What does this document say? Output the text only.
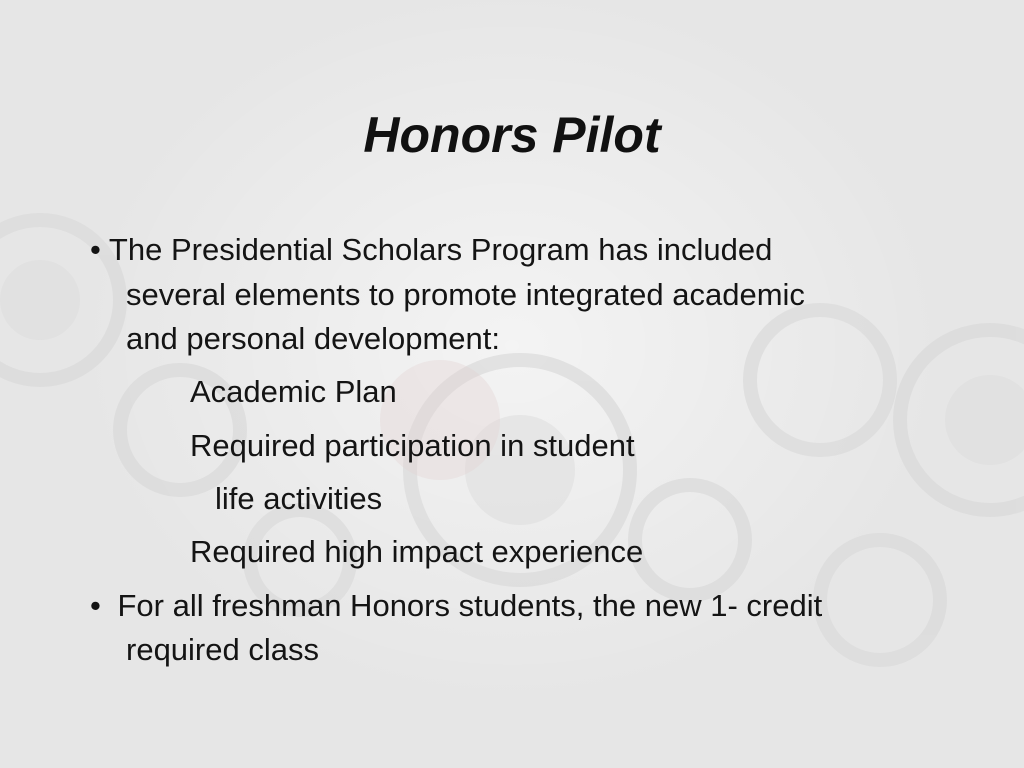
Honors Pilot
• The Presidential Scholars Program has included
several elements to promote integrated academic
and personal development:
Academic Plan
Required participation in student
life activities
Required high impact experience
• For all freshman Honors students, the new 1- credit
required class
